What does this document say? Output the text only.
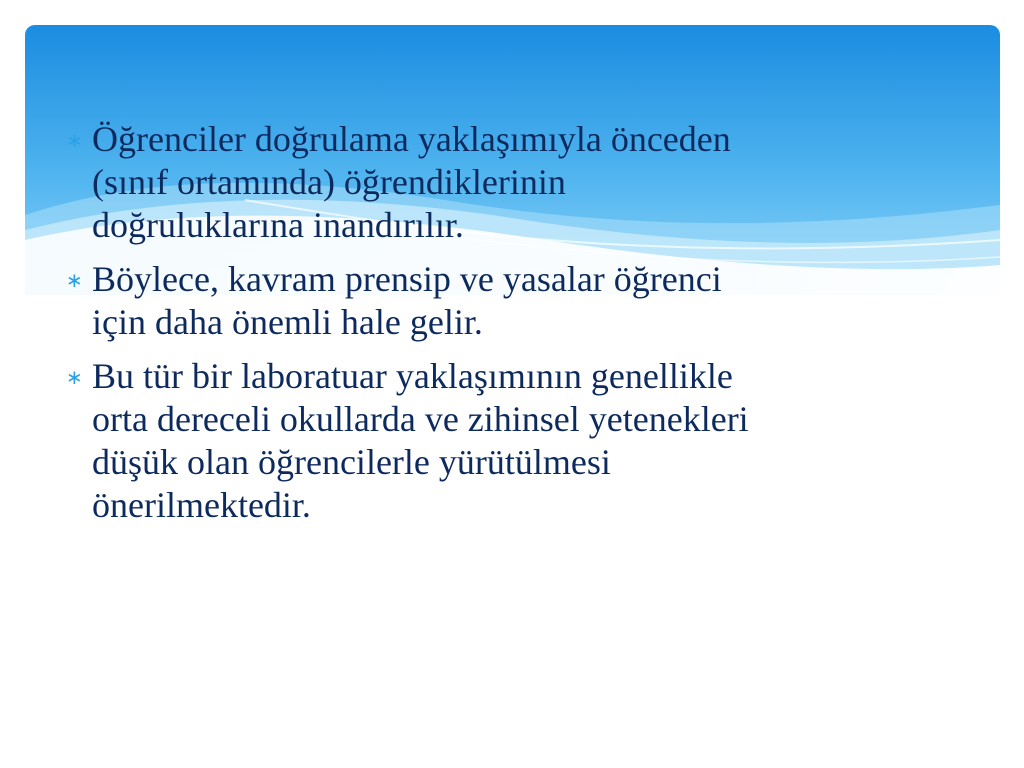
∗ Öğrenciler doğrulama yaklaşımıyla önceden
(sınıf ortamında) öğrendiklerinin
doğruluklarına inandırılır.
∗ Böylece, kavram prensip ve yasalar öğrenci
için daha önemli hale gelir.
∗ Bu tür bir laboratuar yaklaşımının genellikle
orta dereceli okullarda ve zihinsel yetenekleri
düşük olan öğrencilerle yürütülmesi
önerilmektedir.
